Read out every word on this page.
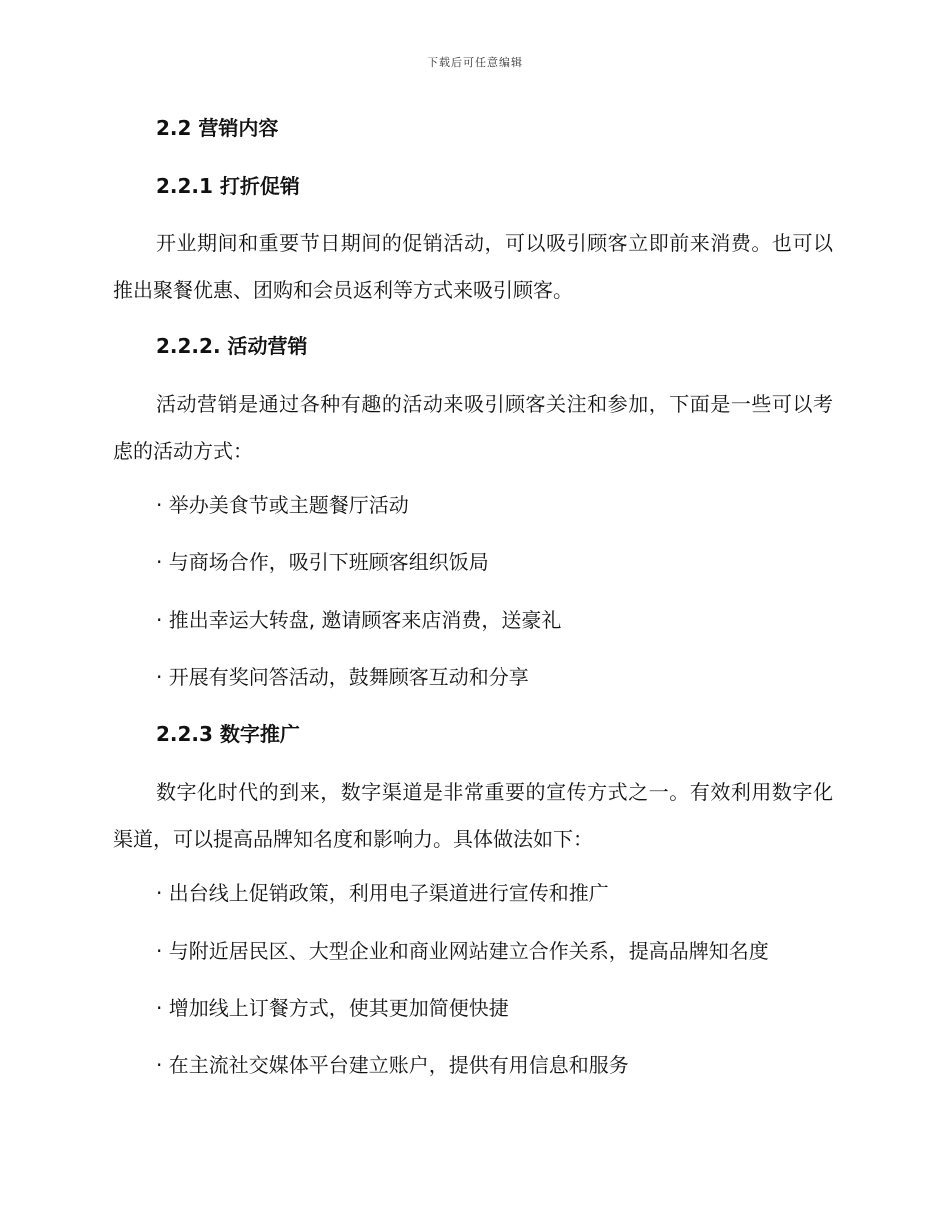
下载后可任意编辑
2.2 营销内容
2.2.1 打折促销

开业期间和重要节日期间的促销活动，可以吸引顾客立即前来消费。也可以推出聚餐优惠、团购和会员返利等方式来吸引顾客。

2.2.2. 活动营销

活动营销是通过各种有趣的活动来吸引顾客关注和参加，下面是一些可以考虑的活动方式：

· 举办美食节或主题餐厅活动
· 与商场合作，吸引下班顾客组织饭局
· 推出幸运大转盘, 邀请顾客来店消费，送豪礼
· 开展有奖问答活动，鼓舞顾客互动和分享
2.2.3 数字推广

数字化时代的到来，数字渠道是非常重要的宣传方式之一。有效利用数字化渠道，可以提高品牌知名度和影响力。具体做法如下：

· 出台线上促销政策，利用电子渠道进行宣传和推广
· 与附近居民区、大型企业和商业网站建立合作关系，提高品牌知名度
· 增加线上订餐方式，使其更加简便快捷
· 在主流社交媒体平台建立账户，提供有用信息和服务
